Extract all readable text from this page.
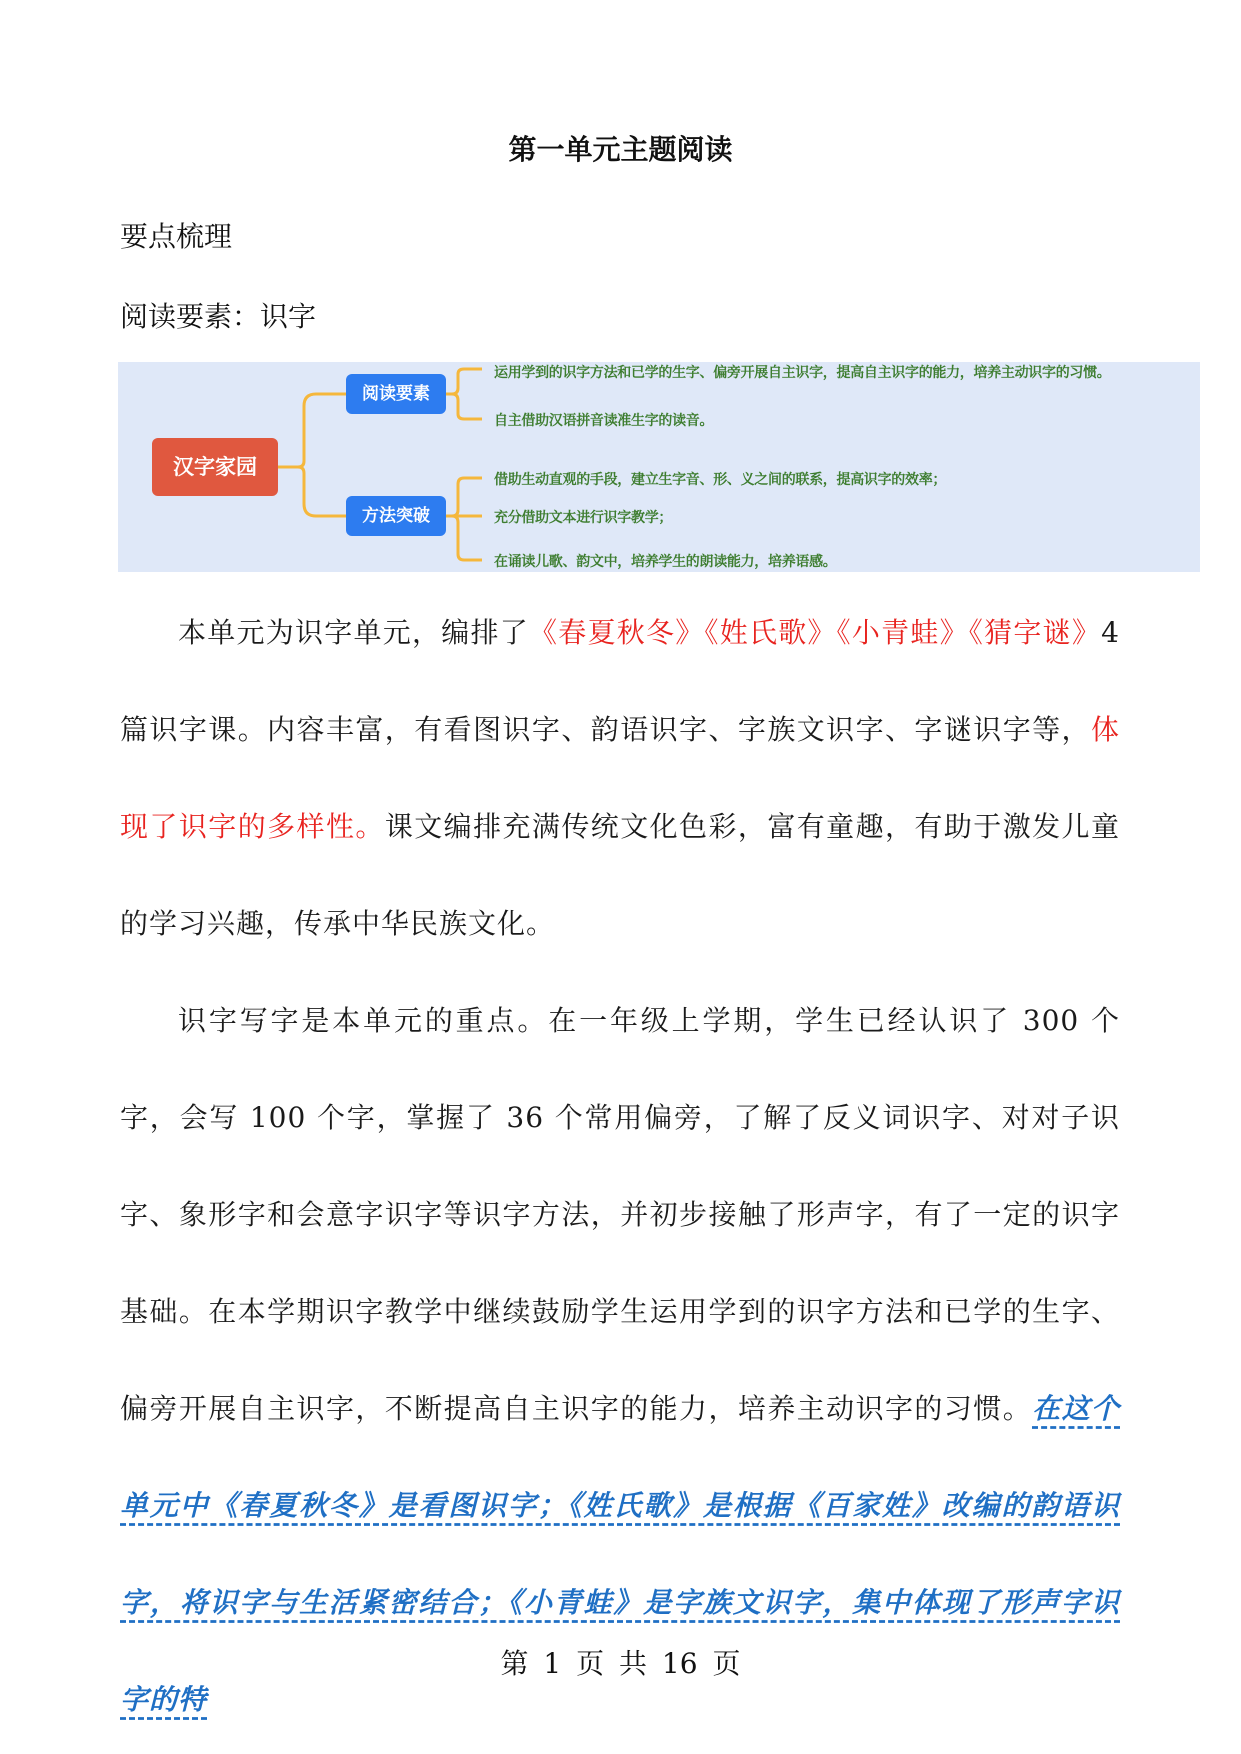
第一单元主题阅读
要点梳理
阅读要素：识字
汉字家园
阅读要素
方法突破
运用学到的识字方法和已学的生字、偏旁开展自主识字，提高自主识字的能力，培养主动识字的习惯。
自主借助汉语拼音读准生字的读音。
借助生动直观的手段，建立生字音、形、义之间的联系，提高识字的效率；
充分借助文本进行识字教学；
在诵读儿歌、韵文中，培养学生的朗读能力，培养语感。
本单元为识字单元，编排了《春夏秋冬》《姓氏歌》《小青蛙》《猜字谜》4 篇识字课。内容丰富，有看图识字、韵语识字、字族文识字、字谜识字等，体现了识字的多样性。课文编排充满传统文化色彩，富有童趣，有助于激发儿童的学习兴趣，传承中华民族文化。
识字写字是本单元的重点。在一年级上学期，学生已经认识了 300 个字，会写 100 个字，掌握了 36 个常用偏旁，了解了反义词识字、对对子识字、象形字和会意字识字等识字方法，并初步接触了形声字，有了一定的识字基础。在本学期识字教学中继续鼓励学生运用学到的识字方法和已学的生字、偏旁开展自主识字，不断提高自主识字的能力，培养主动识字的习惯。在这个单元中《春夏秋冬》是看图识字；《姓氏歌》是根据《百家姓》改编的韵语识字，将识字与生活紧密结合；《小青蛙》是字族文识字，集中体现了形声字识字的特
第 1 页 共 16 页
